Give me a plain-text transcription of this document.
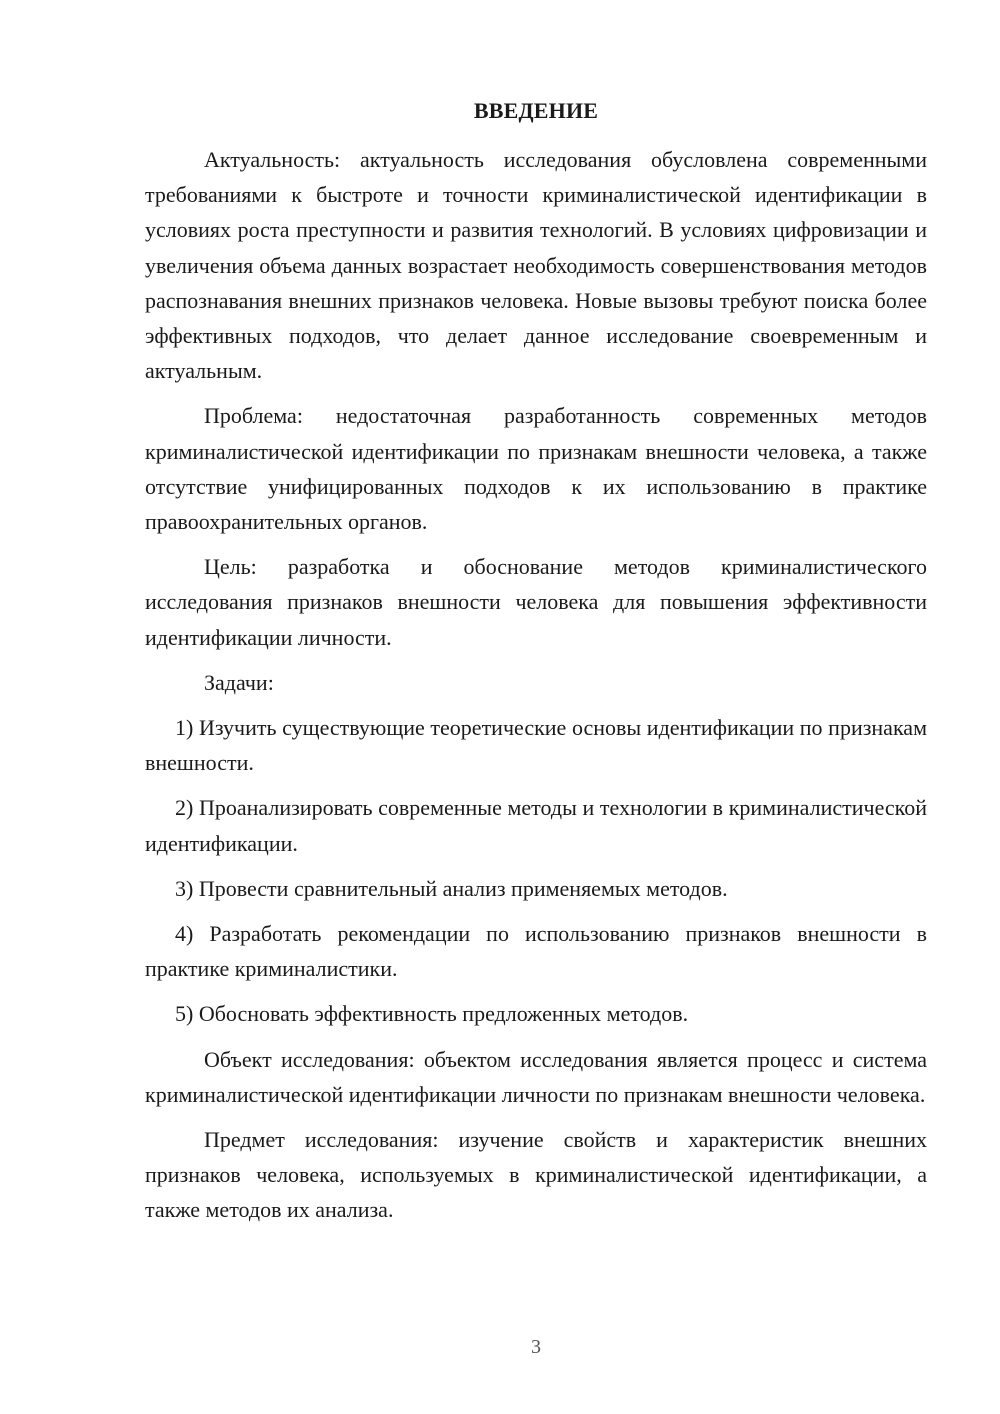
ВВЕДЕНИЕ

Актуальность: актуальность исследования обусловлена современными требованиями к быстроте и точности криминалистической идентификации в условиях роста преступности и развития технологий. В условиях цифровизации и увеличения объема данных возрастает необходимость совершенствования методов распознавания внешних признаков человека. Новые вызовы требуют поиска более эффективных подходов, что делает данное исследование своевременным и актуальным.

Проблема: недостаточная разработанность современных методов криминалистической идентификации по признакам внешности человека, а также отсутствие унифицированных подходов к их использованию в практике правоохранительных органов.

Цель: разработка и обоснование методов криминалистического исследования признаков внешности человека для повышения эффективности идентификации личности.

Задачи:

1) Изучить существующие теоретические основы идентификации по признакам внешности.

2) Проанализировать современные методы и технологии в криминалистической идентификации.

3) Провести сравнительный анализ применяемых методов.

4) Разработать рекомендации по использованию признаков внешности в практике криминалистики.

5) Обосновать эффективность предложенных методов.

Объект исследования: объектом исследования является процесс и система криминалистической идентификации личности по признакам внешности человека.

Предмет исследования: изучение свойств и характеристик внешних признаков человека, используемых в криминалистической идентификации, а также методов их анализа.

3
